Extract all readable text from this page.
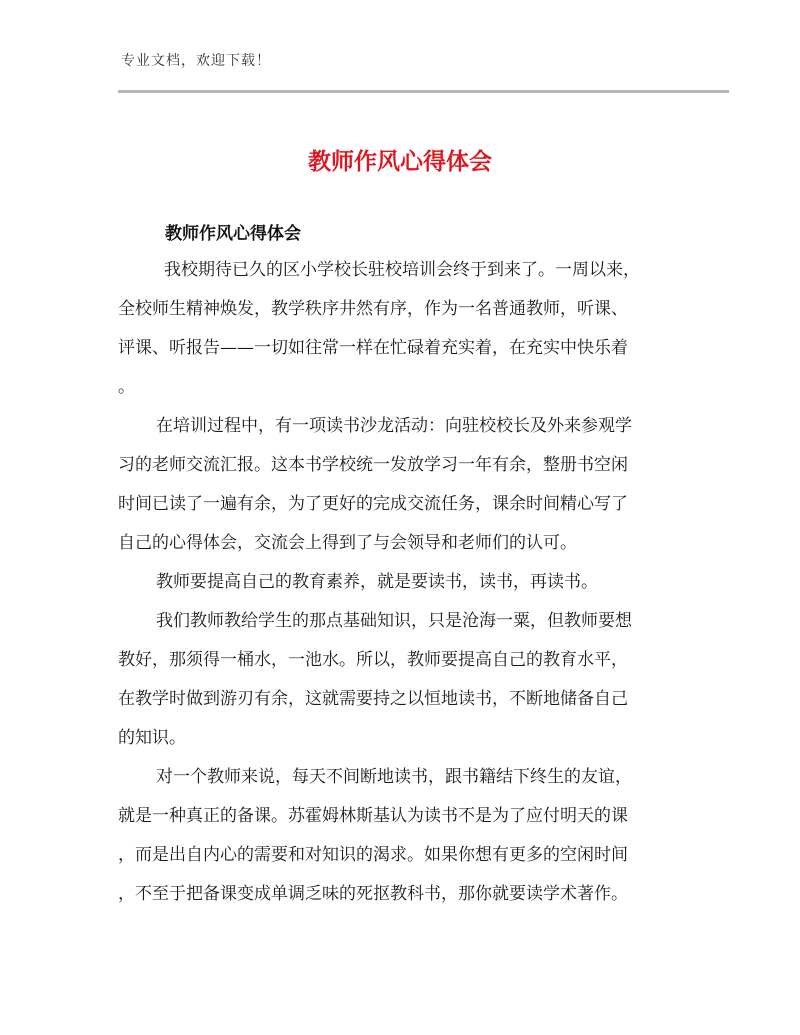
专业文档，欢迎下载！
教师作风心得体会
教师作风心得体会
我校期待已久的区小学校长驻校培训会终于到来了。一周以来，
全校师生精神焕发，教学秩序井然有序，作为一名普通教师，听课、
评课、听报告——一切如往常一样在忙碌着充实着，在充实中快乐着
。
在培训过程中，有一项读书沙龙活动：向驻校校长及外来参观学
习的老师交流汇报。这本书学校统一发放学习一年有余，整册书空闲
时间已读了一遍有余，为了更好的完成交流任务，课余时间精心写了
自己的心得体会，交流会上得到了与会领导和老师们的认可。
教师要提高自己的教育素养，就是要读书，读书，再读书。
我们教师教给学生的那点基础知识，只是沧海一粟，但教师要想
教好，那须得一桶水，一池水。所以，教师要提高自己的教育水平，
在教学时做到游刃有余，这就需要持之以恒地读书，不断地储备自己
的知识。
对一个教师来说，每天不间断地读书，跟书籍结下终生的友谊，
就是一种真正的备课。苏霍姆林斯基认为读书不是为了应付明天的课
，而是出自内心的需要和对知识的渴求。如果你想有更多的空闲时间
，不至于把备课变成单调乏味的死抠教科书，那你就要读学术著作。
